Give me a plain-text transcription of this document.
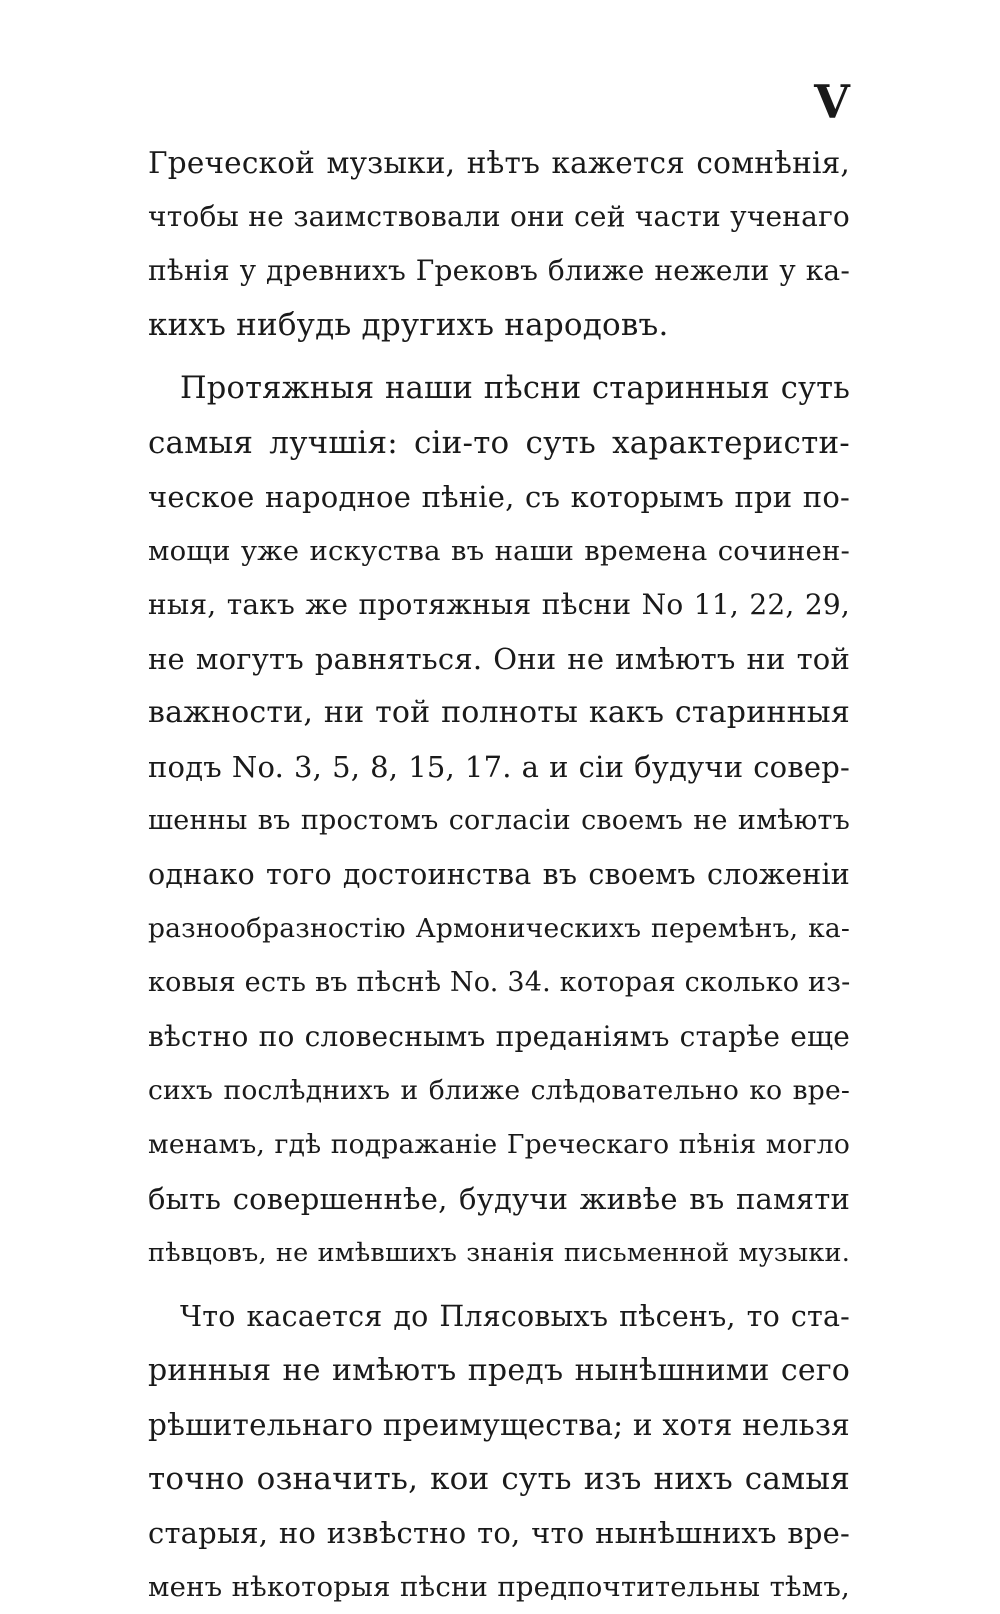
V
Греческой музыки, нѣтъ кажется сомнѣнія,
чтобы не заимствовали они сей части ученаго
пѣнія у древнихъ Грековъ ближе нежели у ка-
кихъ нибудь другихъ народовъ.
Протяжныя наши пѣсни старинныя суть
самыя лучшія: сіи-то суть характеристи-
ческое народное пѣніе, съ которымъ при по-
мощи уже искуства въ наши времена сочинен-
ныя, такъ же протяжныя пѣсни No 11, 22, 29,
не могутъ равняться. Они не имѣютъ ни той
важности, ни той полноты какъ старинныя
подъ No. 3, 5, 8, 15, 17. а и сіи будучи совер-
шенны въ простомъ согласіи своемъ не имѣютъ
однако того достоинства въ своемъ сложеніи
разнообразностію Армоническихъ перемѣнъ, ка-
ковыя есть въ пѣснѣ No. 34. которая сколько из-
вѣстно по словеснымъ преданіямъ старѣе еще
сихъ послѣднихъ и ближе слѣдовательно ко вре-
менамъ, гдѣ подражаніе Греческаго пѣнія могло
быть совершеннѣе, будучи живѣе въ памяти
пѣвцовъ, не имѣвшихъ знанія письменной музыки.
Что касается до Плясовыхъ пѣсенъ, то ста-
ринныя не имѣютъ предъ нынѣшними сего
рѣшительнаго преимущества; и хотя нельзя
точно означить, кои суть изъ нихъ самыя
старыя, но извѣстно то, что нынѣшнихъ вре-
менъ нѣкоторыя пѣсни предпочтительны тѣмъ,
